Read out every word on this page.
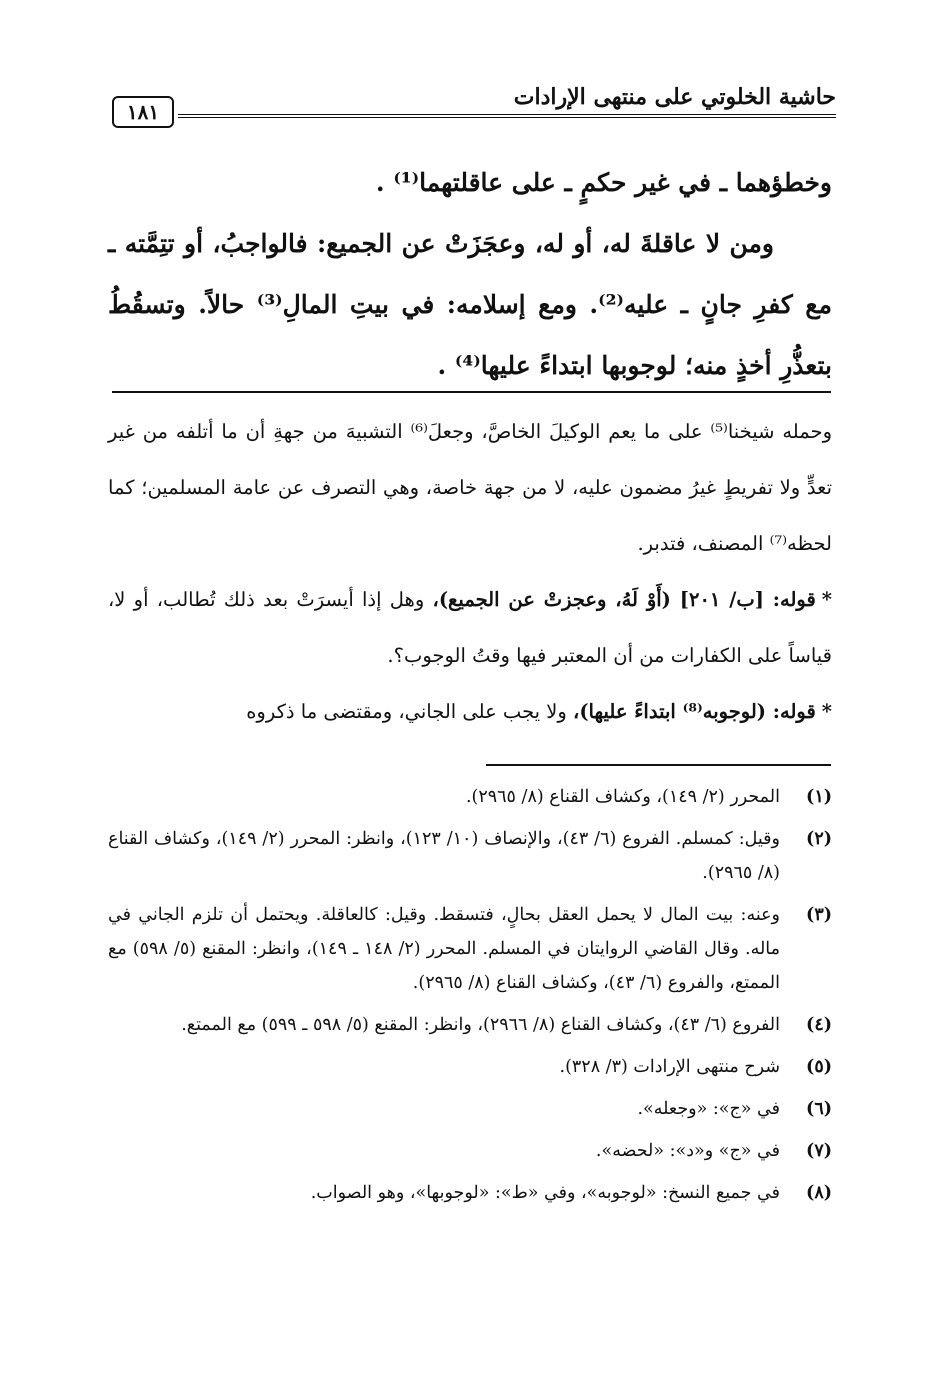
حاشية الخلوتي على منتهى الإرادات
١٨١

وخطؤهما ـ في غير حكمٍ ـ على عاقلتهما⁽¹⁾ .

ومن لا عاقلةَ له، أو له، وعجَزَتْ عن الجميع: فالواجبُ، أو تتِمَّته ـ مع كفرِ جانٍ ـ عليه⁽²⁾. ومع إسلامه: في بيتِ المالِ⁽³⁾ حالاً. وتسقُطُ بتعذُّرِ أخذٍ منه؛ لوجوبها ابتداءً عليها⁽⁴⁾ .

وحمله شيخنا⁽⁵⁾ على ما يعم الوكيلَ الخاصَّ، وجعلَ⁽⁶⁾ التشبيهَ من جهةِ أن ما أتلفه من غير تعدٍّ ولا تفريطٍ غيرُ مضمون عليه، لا من جهة خاصة، وهي التصرف عن عامة المسلمين؛ كما لحظه⁽⁷⁾ المصنف، فتدبر.

*قوله: [ب/ ٢٠١] (أَوْ لَهُ، وعجزتْ عن الجميع)، وهل إذا أيسرَتْ بعد ذلك تُطالب، أو لا، قياساً على الكفارات من أن المعتبر فيها وقتُ الوجوب؟.

*قوله: (لوجوبه⁽⁸⁾ ابتداءً عليها)، ولا يجب على الجاني، ومقتضى ما ذكروه

(١)
المحرر (٢/ ١٤٩)، وكشاف القناع (٨/ ٢٩٦٥).
(٢)
وقيل: كمسلم. الفروع (٦/ ٤٣)، والإنصاف (١٠/ ١٢٣)، وانظر: المحرر (٢/ ١٤٩)، وكشاف القناع (٨/ ٢٩٦٥).
(٣)
وعنه: بيت المال لا يحمل العقل بحالٍ، فتسقط. وقيل: كالعاقلة. ويحتمل أن تلزم الجاني في ماله. وقال القاضي الروايتان في المسلم. المحرر (٢/ ١٤٨ ـ ١٤٩)، وانظر: المقنع (٥/ ٥٩٨) مع الممتع، والفروع (٦/ ٤٣)، وكشاف القناع (٨/ ٢٩٦٥).
(٤)
الفروع (٦/ ٤٣)، وكشاف القناع (٨/ ٢٩٦٦)، وانظر: المقنع (٥/ ٥٩٨ ـ ٥٩٩) مع الممتع.
(٥)
شرح منتهى الإرادات (٣/ ٣٢٨).
(٦)
في «ج»: «وجعله».
(٧)
في «ج» و«د»: «لحضه».
(٨)
في جميع النسخ: «لوجوبه»، وفي «ط»: «لوجوبها»، وهو الصواب.
